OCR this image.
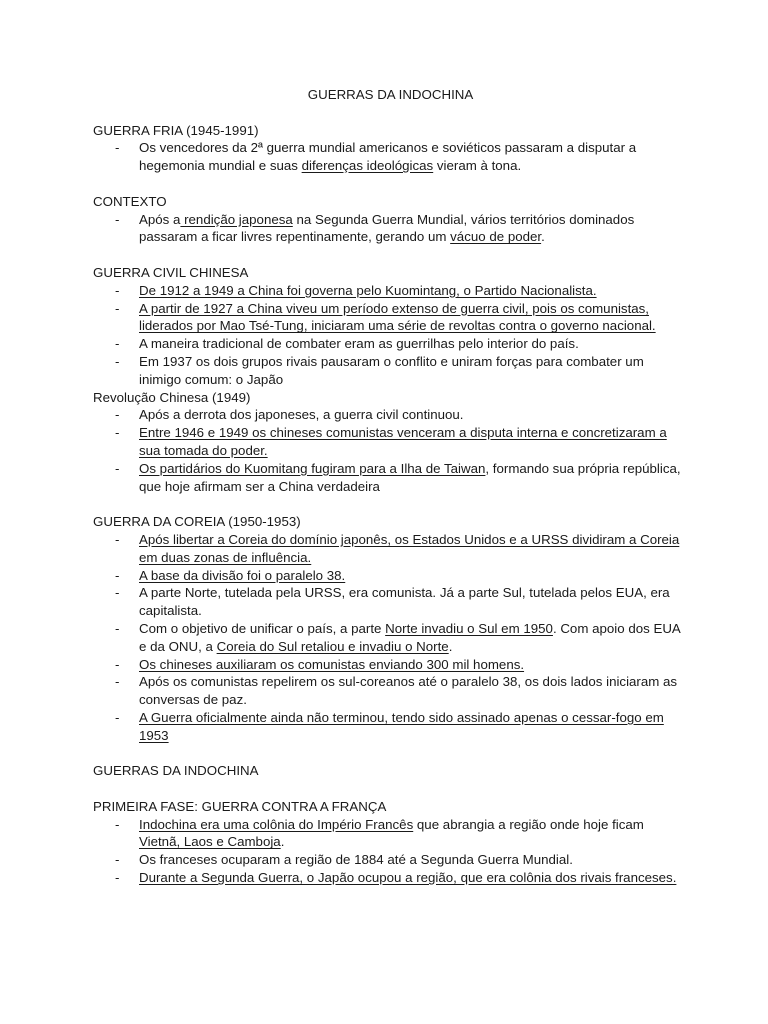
GUERRAS DA INDOCHINA
GUERRA FRIA (1945-1991)
- Os vencedores da 2ª guerra mundial americanos e soviéticos passaram a disputar a hegemonia mundial e suas diferenças ideológicas vieram à tona.
CONTEXTO
- Após a rendição japonesa na Segunda Guerra Mundial, vários territórios dominados passaram a ficar livres repentinamente, gerando um vácuo de poder.
GUERRA CIVIL CHINESA
- De 1912 a 1949 a China foi governa pelo Kuomintang, o Partido Nacionalista.
- A partir de 1927 a China viveu um período extenso de guerra civil, pois os comunistas, liderados por Mao Tsé-Tung, iniciaram uma série de revoltas contra o governo nacional.
- A maneira tradicional de combater eram as guerrilhas pelo interior do país.
- Em 1937 os dois grupos rivais pausaram o conflito e uniram forças para combater um inimigo comum: o Japão
Revolução Chinesa (1949)
- Após a derrota dos japoneses, a guerra civil continuou.
- Entre 1946 e 1949 os chineses comunistas venceram a disputa interna e concretizaram a sua tomada do poder.
- Os partidários do Kuomitang fugiram para a Ilha de Taiwan, formando sua própria república, que hoje afirmam ser a China verdadeira
GUERRA DA COREIA (1950-1953)
- Após libertar a Coreia do domínio japonês, os Estados Unidos e a URSS dividiram a Coreia em duas zonas de influência.
- A base da divisão foi o paralelo 38.
- A parte Norte, tutelada pela URSS, era comunista. Já a parte Sul, tutelada pelos EUA, era capitalista.
- Com o objetivo de unificar o país, a parte Norte invadiu o Sul em 1950. Com apoio dos EUA e da ONU, a Coreia do Sul retaliou e invadiu o Norte.
- Os chineses auxiliaram os comunistas enviando 300 mil homens.
- Após os comunistas repelirem os sul-coreanos até o paralelo 38, os dois lados iniciaram as conversas de paz.
- A Guerra oficialmente ainda não terminou, tendo sido assinado apenas o cessar-fogo em 1953
GUERRAS DA INDOCHINA
PRIMEIRA FASE: GUERRA CONTRA A FRANÇA
- Indochina era uma colônia do Império Francês que abrangia a região onde hoje ficam Vietnã, Laos e Camboja.
- Os franceses ocuparam a região de 1884 até a Segunda Guerra Mundial.
- Durante a Segunda Guerra, o Japão ocupou a região, que era colônia dos rivais franceses.
